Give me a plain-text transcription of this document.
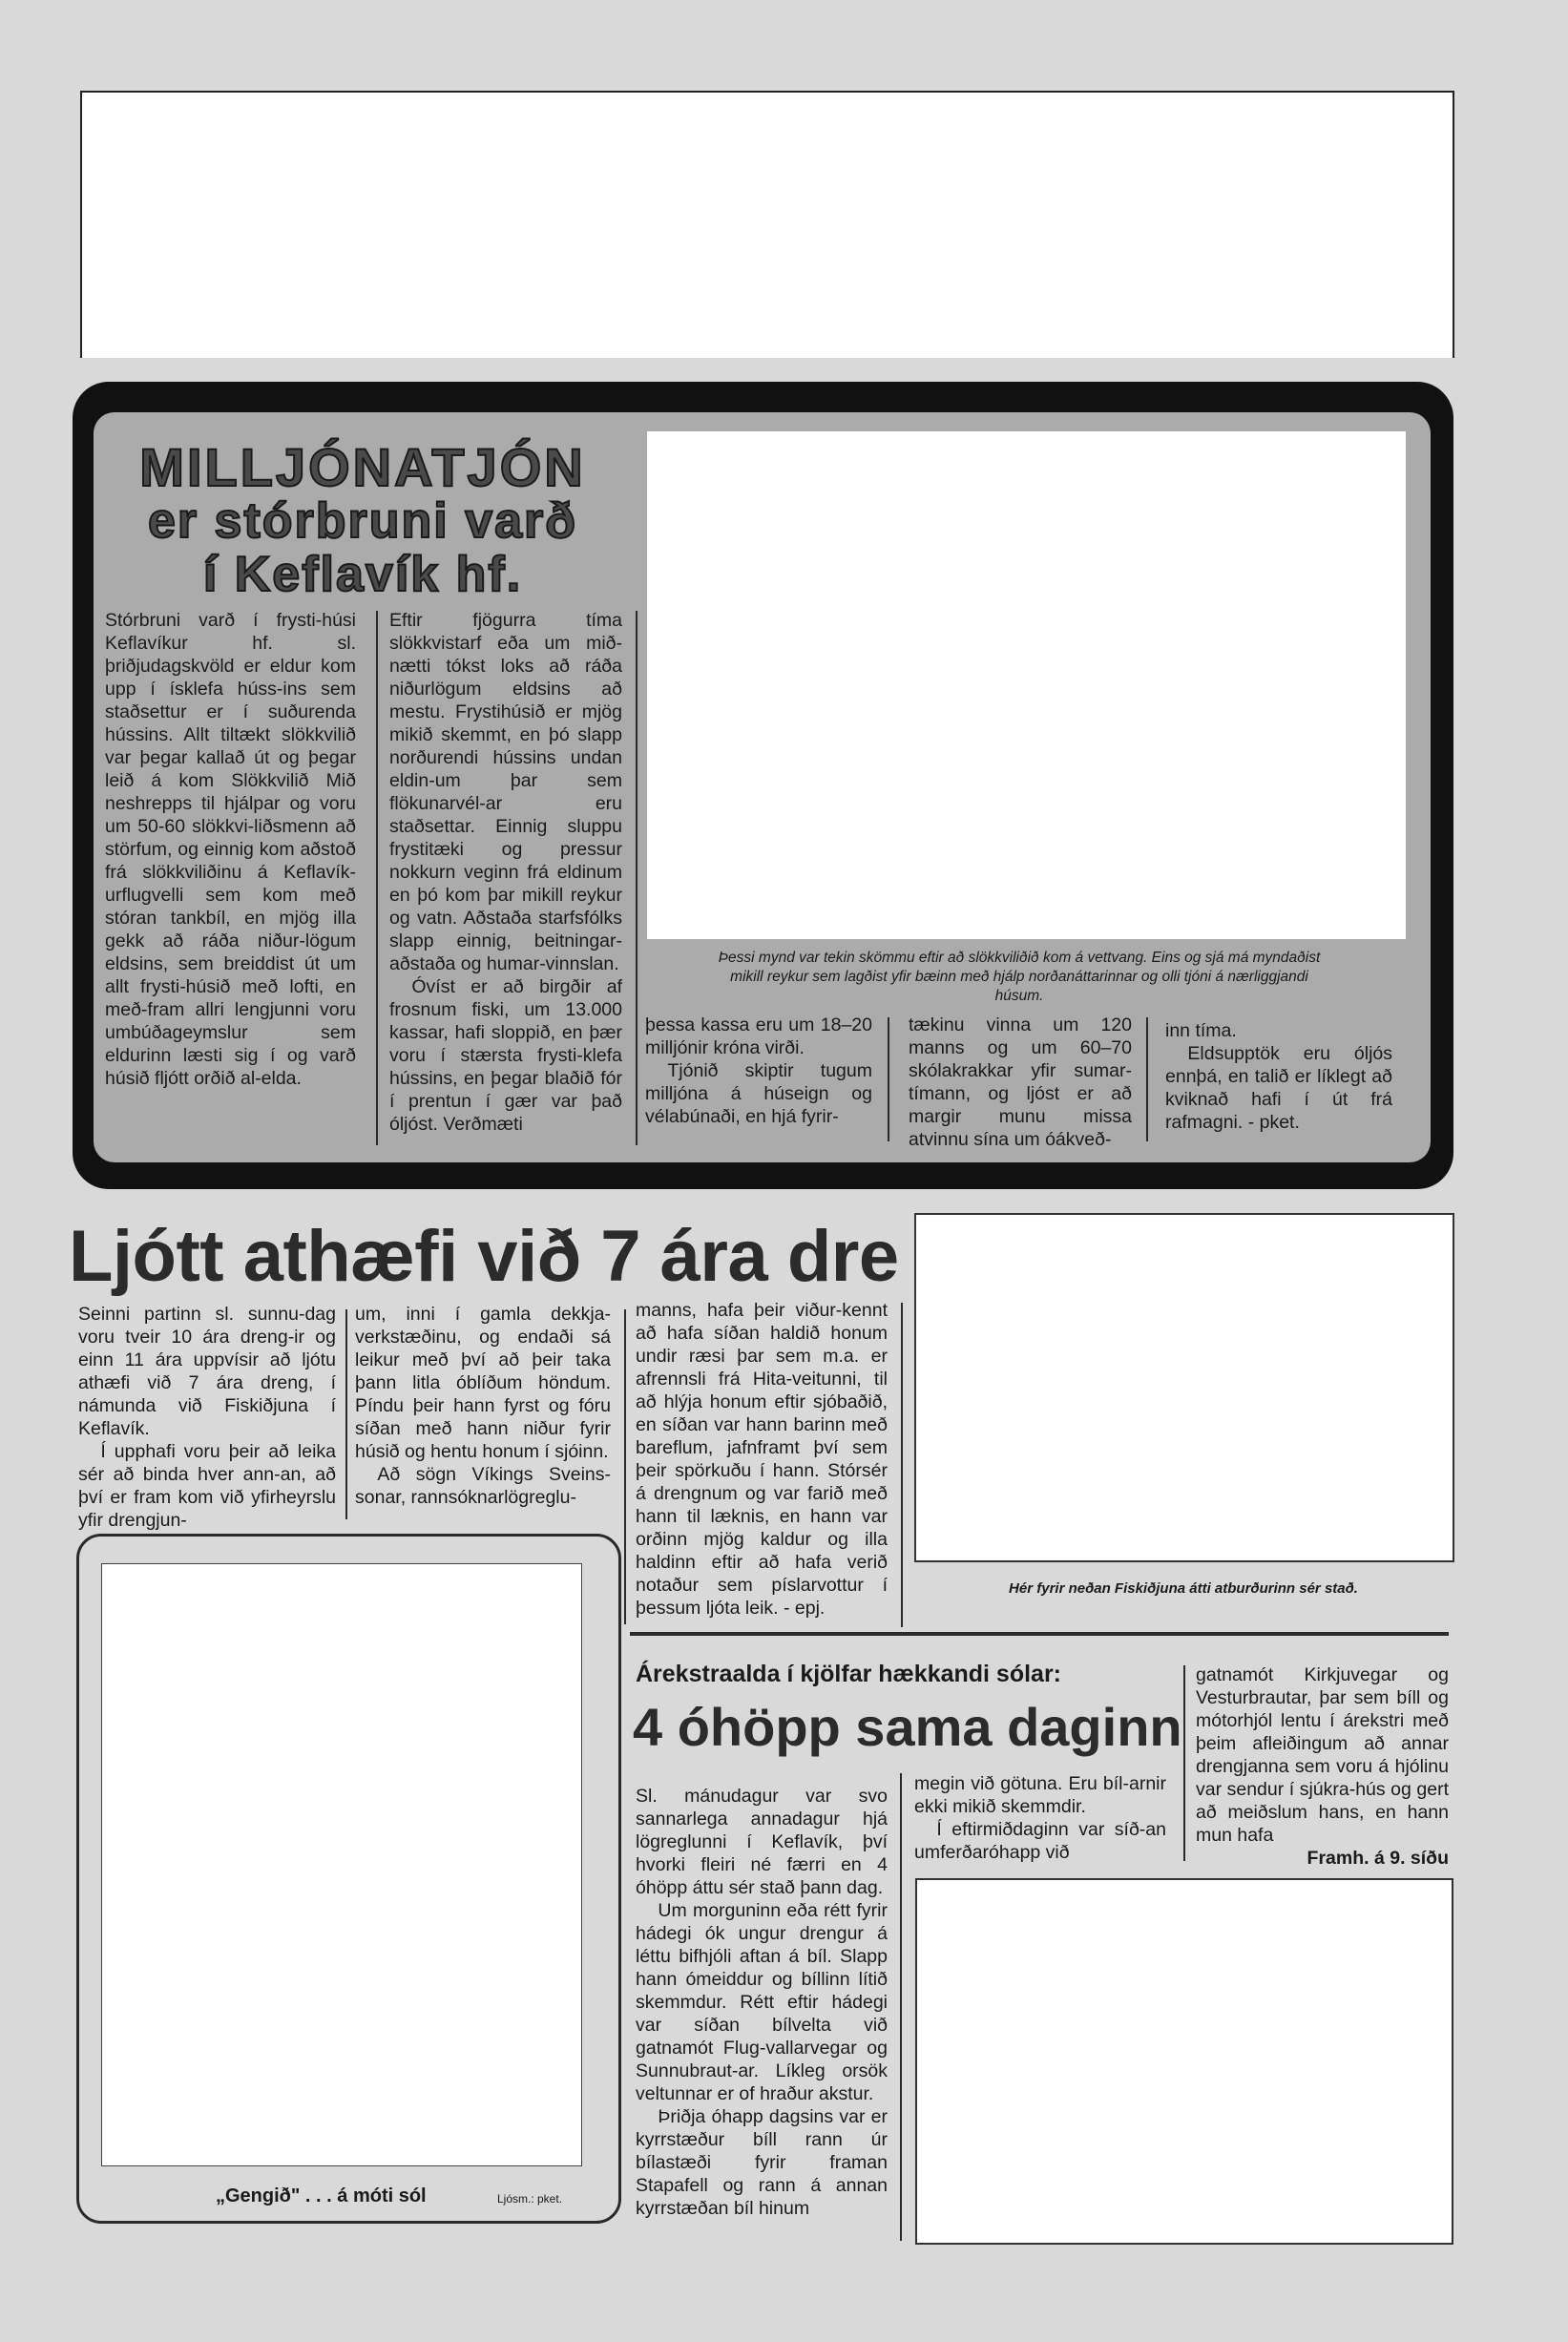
MILLJÓNATJÓN
er stórbruni varð
í Keflavík hf.

Stórbruni varð í frysti-húsi Keflavíkur hf. sl. þriðjudagskvöld er eldur kom upp í ísklefa húss-ins sem staðsettur er í suðurenda hússins. Allt tiltækt slökkvilið var þegar kallað út og þegar leið á kom Slökkvilið Mið neshrepps til hjálpar og voru um 50-60 slökkvi-liðsmenn að störfum, og einnig kom aðstoð frá slökkviliðinu á Keflavík-urflugvelli sem kom með stóran tankbíl, en mjög illa gekk að ráða niður-lögum eldsins, sem breiddist út um allt frysti-húsið með lofti, en með-fram allri lengjunni voru umbúðageymslur sem eldurinn læsti sig í og varð húsið fljótt orðið al-elda.

Eftir fjögurra tíma slökkvistarf eða um mið-nætti tókst loks að ráða niðurlögum eldsins að mestu. Frystihúsið er mjög mikið skemmt, en þó slapp norðurendi hússins undan eldin-um þar sem flökunarvél-ar eru staðsettar. Einnig sluppu frystitæki og pressur nokkurn veginn frá eldinum en þó kom þar mikill reykur og vatn. Aðstaða starfsfólks slapp einnig, beitningar-aðstaða og humar-vinnslan.

Óvíst er að birgðir af frosnum fiski, um 13.000 kassar, hafi sloppið, en þær voru í stærsta frysti-klefa hússins, en þegar blaðið fór í prentun í gær var það óljóst. Verðmæti

Þessi mynd var tekin skömmu eftir að slökkviliðið kom á vettvang. Eins og sjá má myndaðist mikill reykur sem lagðist yfir bæinn með hjálp norðanáttarinnar og olli tjóni á nærliggjandi húsum.

þessa kassa eru um 18–20 milljónir króna virði.

Tjónið skiptir tugum milljóna á húseign og vélabúnaði, en hjá fyrir-

tækinu vinna um 120 manns og um 60–70 skólakrakkar yfir sumar-tímann, og ljóst er að margir munu missa atvinnu sína um óákveð-

inn tíma.

Eldsupptök eru óljós ennþá, en talið er líklegt að kviknað hafi í út frá rafmagni. - pket.

Ljótt athæfi við 7 ára dre

Seinni partinn sl. sunnu-dag voru tveir 10 ára dreng-ir og einn 11 ára uppvísir að ljótu athæfi við 7 ára dreng, í námunda við Fiskiðjuna í Keflavík.

Í upphafi voru þeir að leika sér að binda hver ann-an, að því er fram kom við yfirheyrslu yfir drengjun-

um, inni í gamla dekkja-verkstæðinu, og endaði sá leikur með því að þeir taka þann litla óblíðum höndum. Píndu þeir hann fyrst og fóru síðan með hann niður fyrir húsið og hentu honum í sjóinn.

Að sögn Víkings Sveins-sonar, rannsóknarlögreglu-

manns, hafa þeir viður-kennt að hafa síðan haldið honum undir ræsi þar sem m.a. er afrennsli frá Hita-veitunni, til að hlýja honum eftir sjóbaðið, en síðan var hann barinn með bareflum, jafnframt því sem þeir spörkuðu í hann. Stórsér á drengnum og var farið með hann til læknis, en hann var orðinn mjög kaldur og illa haldinn eftir að hafa verið notaður sem píslarvottur í þessum ljóta leik. - epj.

Hér fyrir neðan Fiskiðjuna átti atburðurinn sér stað.
„Gengið" . . . á móti sól	Ljósm.: pket.
Árekstraalda í kjölfar hækkandi sólar:
4 óhöpp sama daginn

Sl. mánudagur var svo sannarlega annadagur hjá lögreglunni í Keflavík, því hvorki fleiri né færri en 4 óhöpp áttu sér stað þann dag.

Um morguninn eða rétt fyrir hádegi ók ungur drengur á léttu bifhjóli aftan á bíl. Slapp hann ómeiddur og bíllinn lítið skemmdur. Rétt eftir hádegi var síðan bílvelta við gatnamót Flug-vallarvegar og Sunnubraut-ar. Líkleg orsök veltunnar er of hraður akstur.

Þriðja óhapp dagsins var er kyrrstæður bíll rann úr bílastæði fyrir framan Stapafell og rann á annan kyrrstæðan bíl hinum

megin við götuna. Eru bíl-arnir ekki mikið skemmdir.

Í eftirmiðdaginn var síð-an umferðaróhapp við

gatnamót Kirkjuvegar og Vesturbrautar, þar sem bíll og mótorhjól lentu í árekstri með þeim afleiðingum að annar drengjanna sem voru á hjólinu var sendur í sjúkra-hús og gert að meiðslum hans, en hann mun hafa

Framh. á 9. síðu
